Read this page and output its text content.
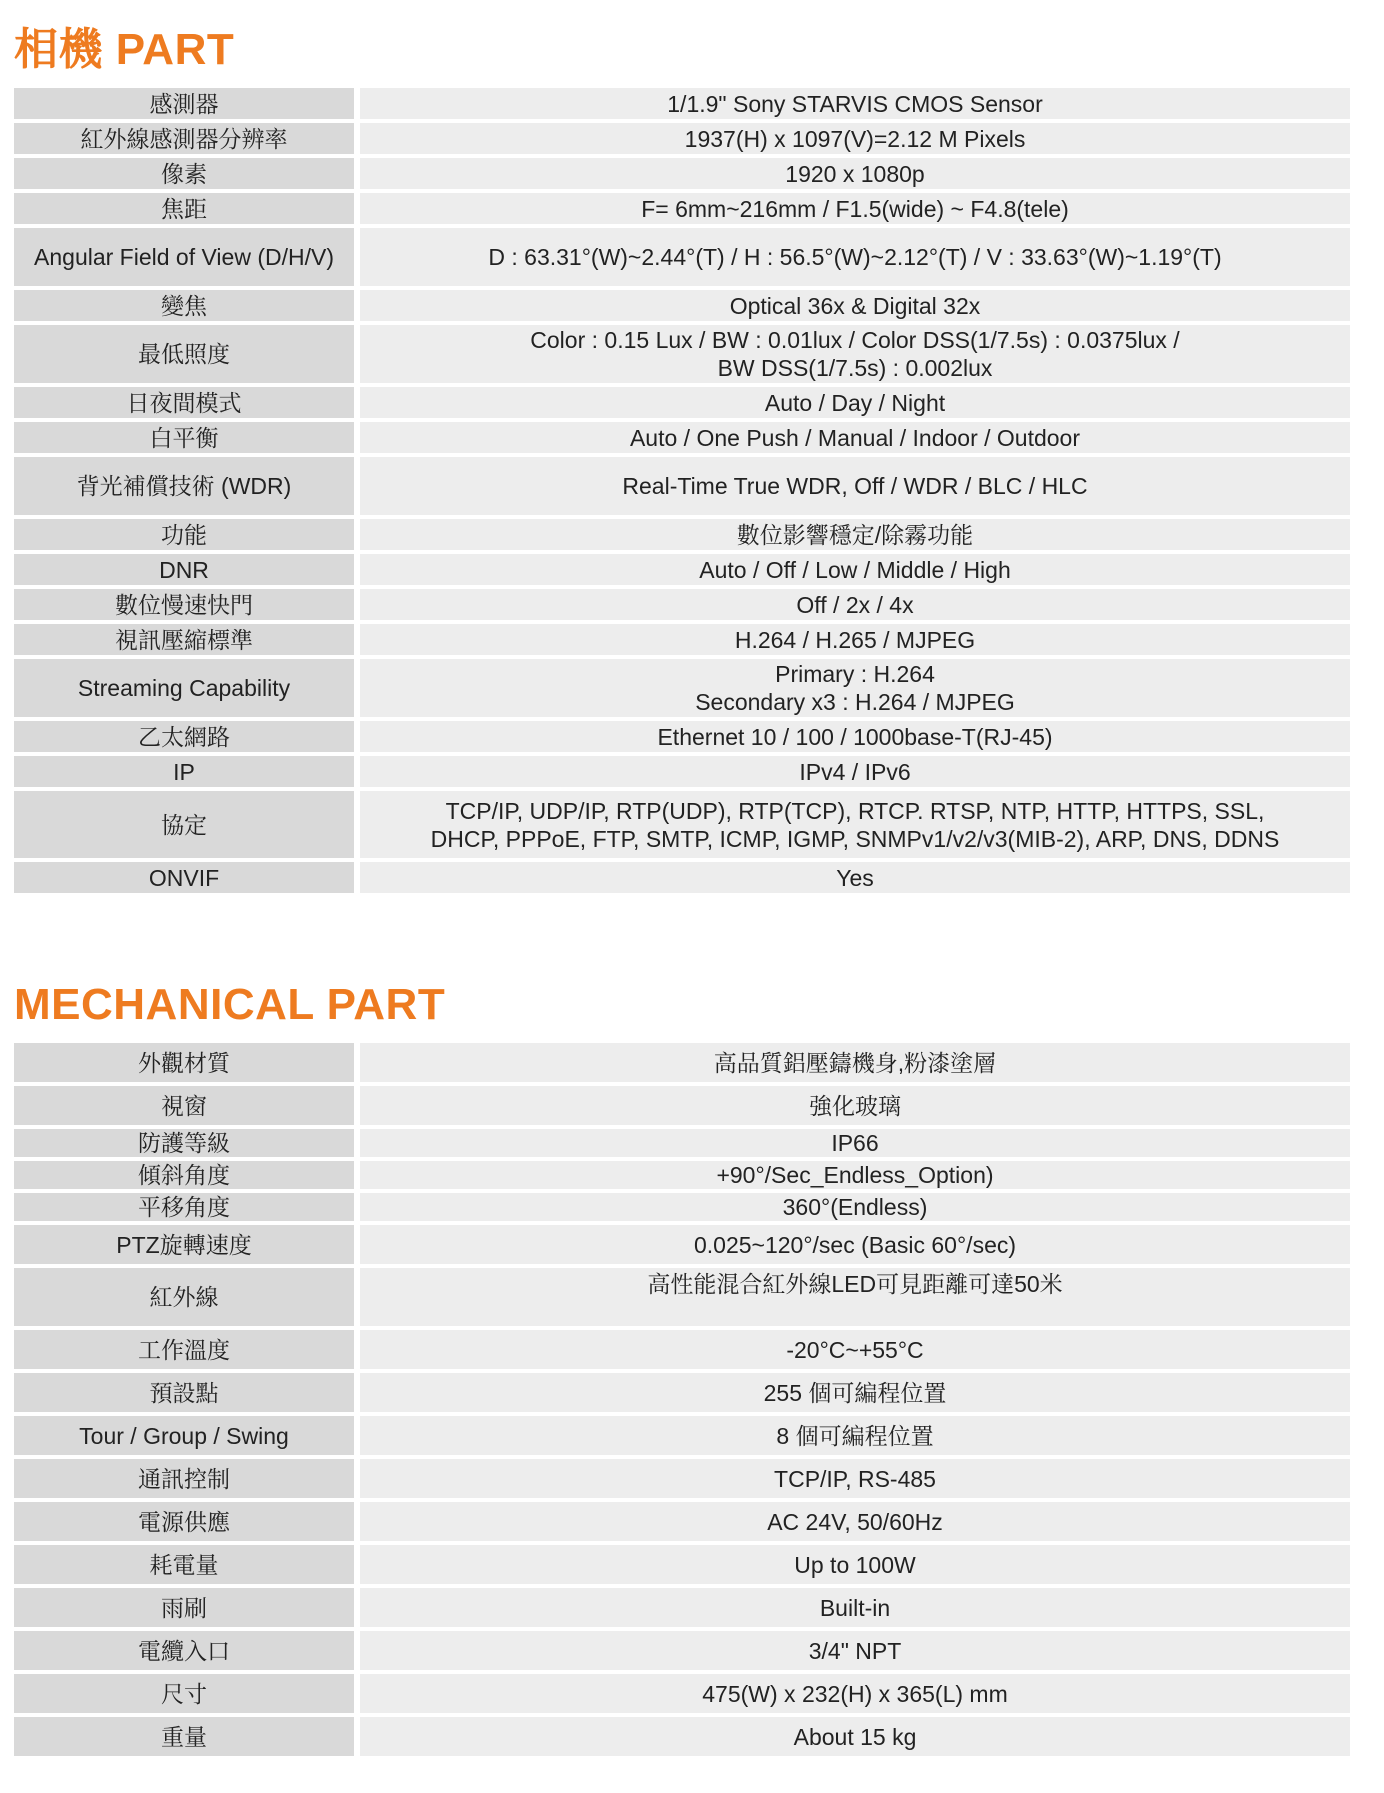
相機 PART
感測器	1/1.9" Sony STARVIS CMOS Sensor
紅外線感測器分辨率	1937(H) x 1097(V)=2.12 M Pixels
像素	1920 x 1080p
焦距	F= 6mm~216mm / F1.5(wide) ~ F4.8(tele)
Angular Field of View (D/H/V)	D : 63.31°(W)~2.44°(T) / H : 56.5°(W)~2.12°(T) / V : 33.63°(W)~1.19°(T)
變焦	Optical 36x & Digital 32x
最低照度	Color : 0.15 Lux / BW : 0.01lux / Color DSS(1/7.5s) : 0.0375lux /
BW DSS(1/7.5s) : 0.002lux
日夜間模式	Auto / Day / Night
白平衡	Auto / One Push / Manual / Indoor / Outdoor
背光補償技術 (WDR)	Real-Time True WDR, Off / WDR / BLC / HLC
功能	數位影響穩定/除霧功能
DNR	Auto / Off / Low / Middle / High
數位慢速快門	Off / 2x / 4x
視訊壓縮標準	H.264 / H.265 / MJPEG
Streaming Capability	Primary : H.264
Secondary x3 : H.264 / MJPEG
乙太網路	Ethernet 10 / 100 / 1000base-T(RJ-45)
IP	IPv4 / IPv6
協定	TCP/IP, UDP/IP, RTP(UDP), RTP(TCP), RTCP. RTSP, NTP, HTTP, HTTPS, SSL,
DHCP, PPPoE, FTP, SMTP, ICMP, IGMP, SNMPv1/v2/v3(MIB-2), ARP, DNS, DDNS
ONVIF	Yes
MECHANICAL PART
外觀材質	高品質鋁壓鑄機身,粉漆塗層
視窗	強化玻璃
防護等級	IP66
傾斜角度	+90°/Sec_Endless_Option)
平移角度	360°(Endless)
PTZ旋轉速度	0.025~120°/sec (Basic 60°/sec)
紅外線	高性能混合紅外線LED可見距離可達50米
工作溫度	-20°C~+55°C
預設點	255 個可編程位置
Tour / Group / Swing	8 個可編程位置
通訊控制	TCP/IP, RS-485
電源供應	AC 24V, 50/60Hz
耗電量	Up to 100W
雨刷	Built-in
電纜入口	3/4" NPT
尺寸	475(W) x 232(H) x 365(L) mm
重量	About 15 kg
